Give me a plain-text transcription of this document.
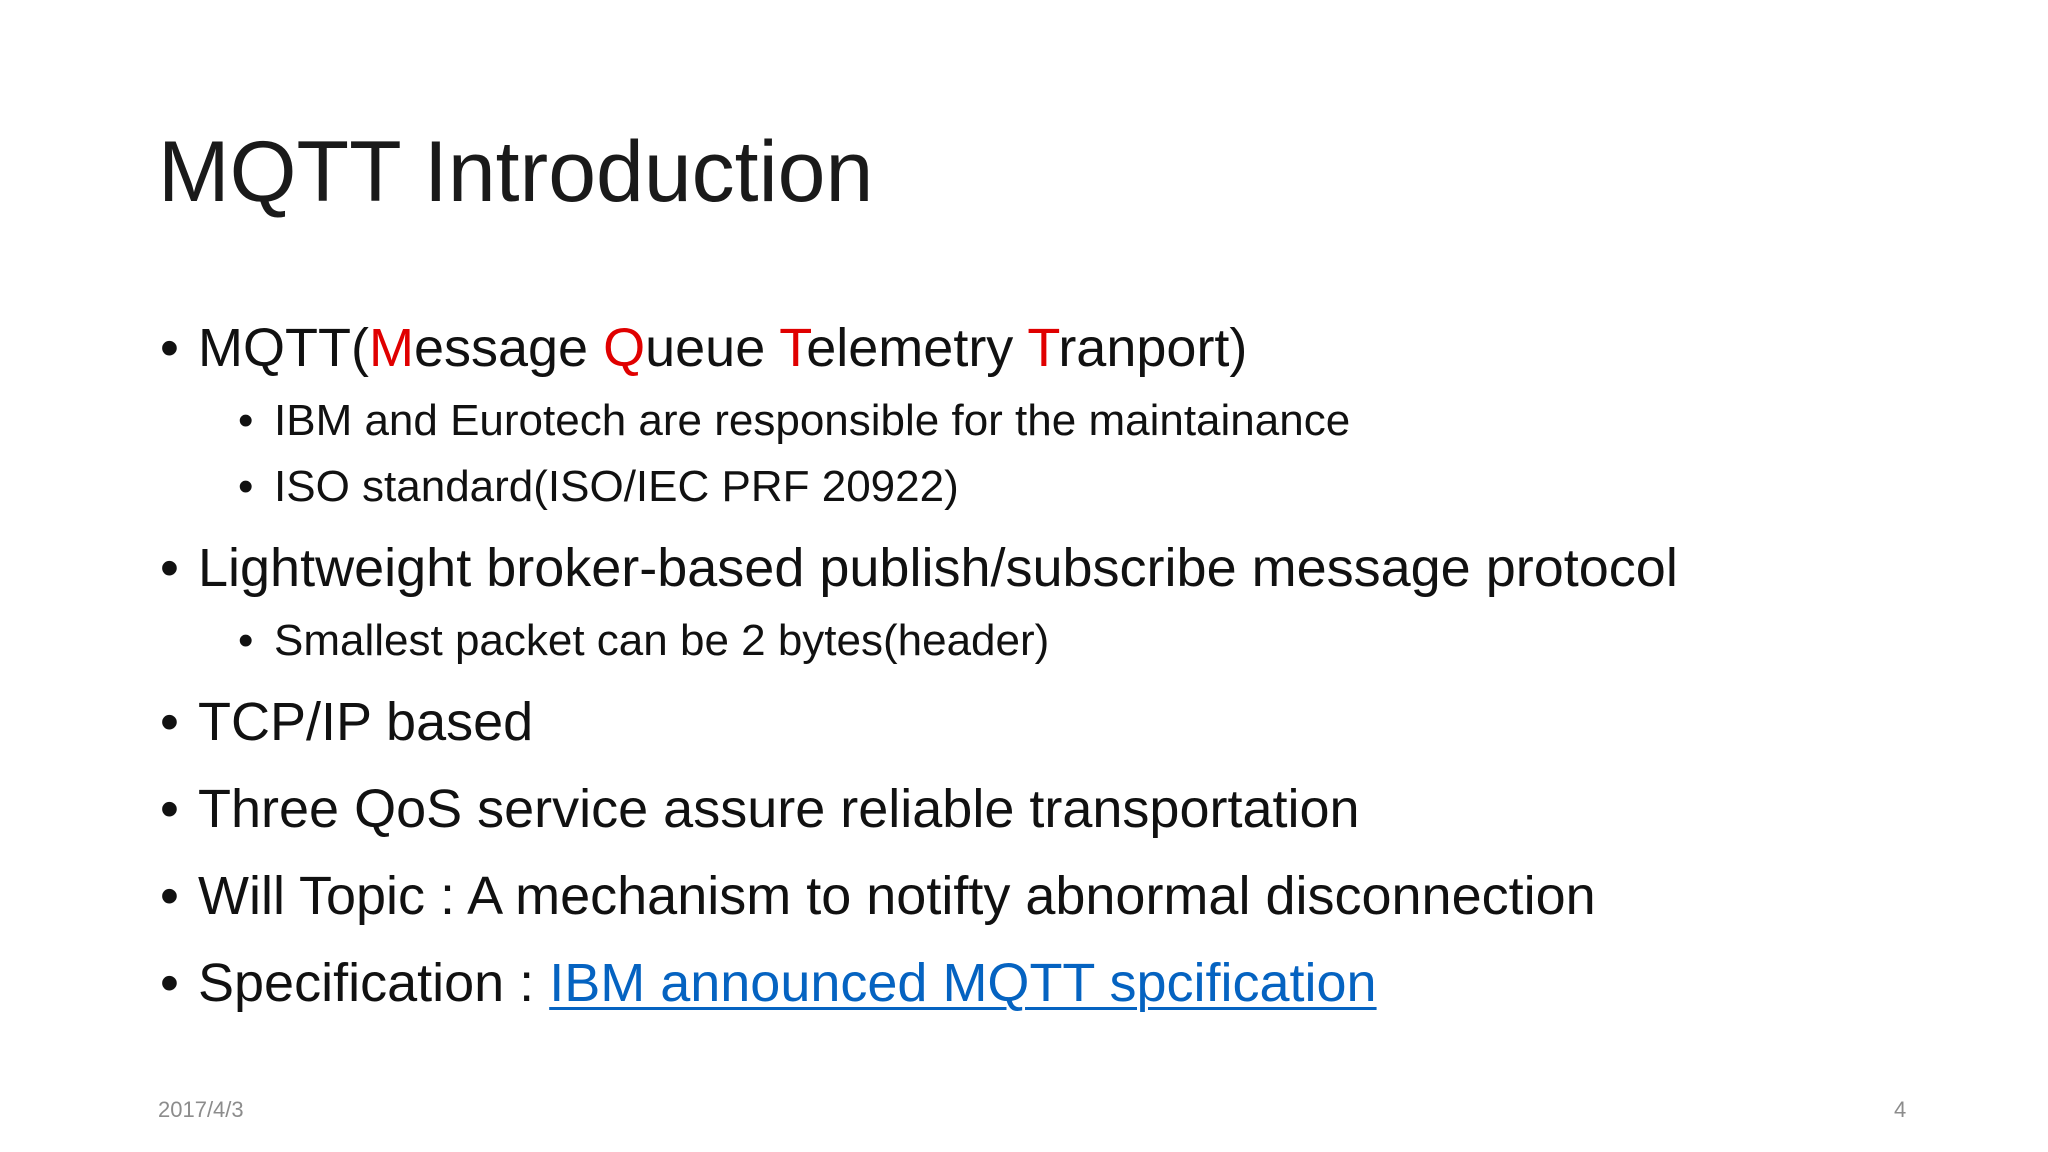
MQTT Introduction
• MQTT(Message Queue Telemetry Tranport)
• IBM and Eurotech are responsible for the maintainance
• ISO standard(ISO/IEC PRF 20922)
• Lightweight broker-based publish/subscribe message protocol
• Smallest packet can be 2 bytes(header)
• TCP/IP based
• Three QoS service assure reliable transportation
• Will Topic : A mechanism to notifty abnormal disconnection
• Specification : IBM announced MQTT spcification
2017/4/3	4
